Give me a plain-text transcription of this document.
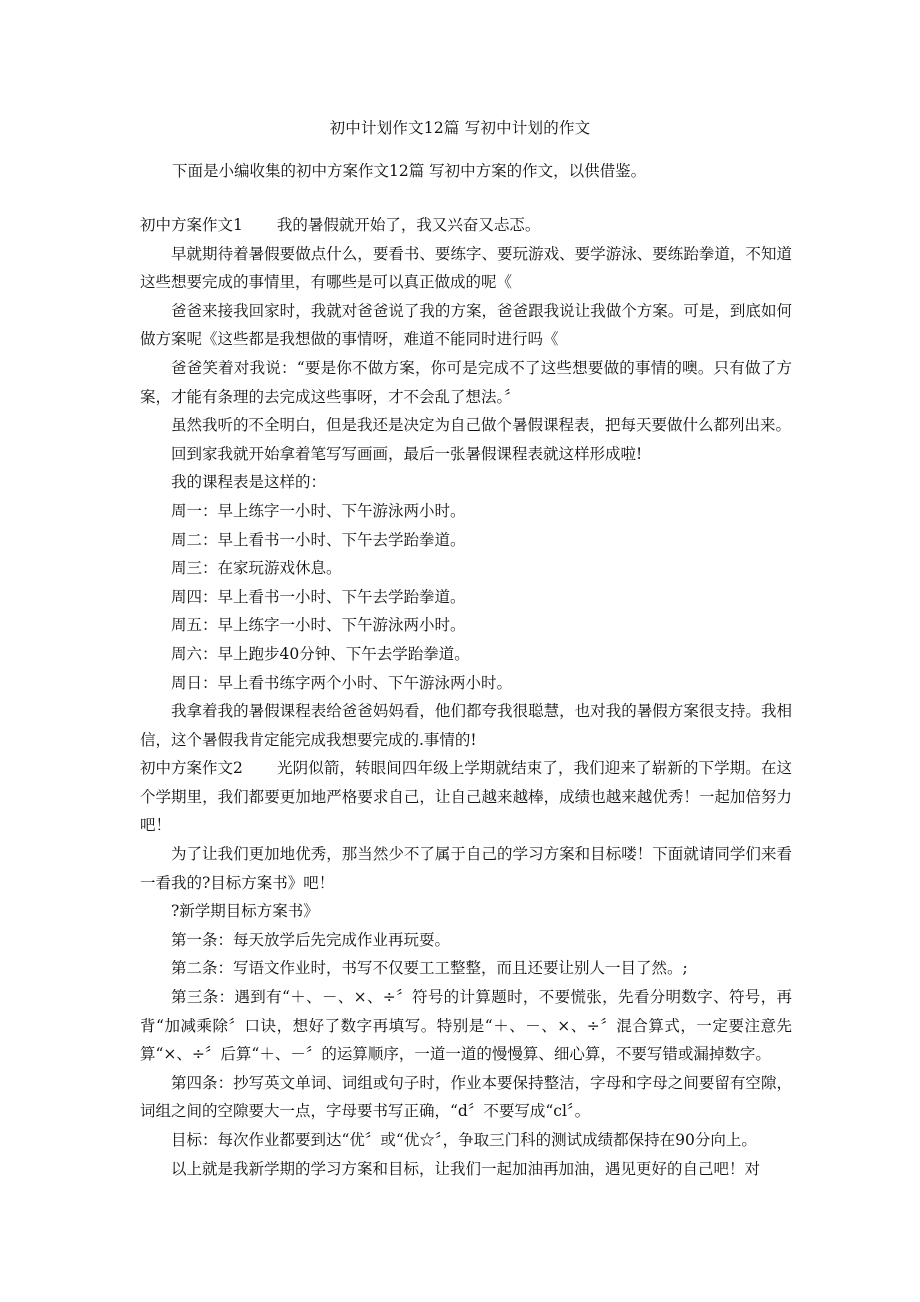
初中计划作文12篇 写初中计划的作文
下面是小编收集的初中方案作文12篇 写初中方案的作文，以供借鉴。

初中方案作文1 我的暑假就开始了，我又兴奋又忐忑。

早就期待着暑假要做点什么，要看书、要练字、要玩游戏、要学游泳、要练跆拳道，不知道这些想要完成的事情里，有哪些是可以真正做成的呢《

爸爸来接我回家时，我就对爸爸说了我的方案，爸爸跟我说让我做个方案。可是，到底如何做方案呢《这些都是我想做的事情呀，难道不能同时进行吗《

爸爸笑着对我说：“要是你不做方案，你可是完成不了这些想要做的事情的噢。只有做了方案，才能有条理的去完成这些事呀，才不会乱了想法。〞

虽然我听的不全明白，但是我还是决定为自己做个暑假课程表，把每天要做什么都列出来。

回到家我就开始拿着笔写写画画，最后一张暑假课程表就这样形成啦!

我的课程表是这样的：

周一：早上练字一小时、下午游泳两小时。

周二：早上看书一小时、下午去学跆拳道。

周三：在家玩游戏休息。

周四：早上看书一小时、下午去学跆拳道。

周五：早上练字一小时、下午游泳两小时。

周六：早上跑步40分钟、下午去学跆拳道。

周日：早上看书练字两个小时、下午游泳两小时。

我拿着我的暑假课程表给爸爸妈妈看，他们都夸我很聪慧，也对我的暑假方案很支持。我相信，这个暑假我肯定能完成我想要完成的.事情的!

初中方案作文2 光阴似箭，转眼间四年级上学期就结束了，我们迎来了崭新的下学期。在这个学期里，我们都要更加地严格要求自己，让自己越来越棒，成绩也越来越优秀！一起加倍努力吧！

为了让我们更加地优秀，那当然少不了属于自己的学习方案和目标喽！下面就请同学们来看一看我的?目标方案书》吧！

?新学期目标方案书》

第一条：每天放学后先完成作业再玩耍。

第二条：写语文作业时，书写不仅要工工整整，而且还要让别人一目了然。;

第三条：遇到有“＋、－、×、÷〞符号的计算题时，不要慌张，先看分明数字、符号，再背“加减乘除〞口诀，想好了数字再填写。特别是“＋、－、×、÷〞混合算式，一定要注意先算“×、÷〞后算“＋、－〞的运算顺序，一道一道的慢慢算、细心算，不要写错或漏掉数字。

第四条：抄写英文单词、词组或句子时，作业本要保持整洁，字母和字母之间要留有空隙，词组之间的空隙要大一点，字母要书写正确，“d〞不要写成“cl〞。

目标：每次作业都要到达“优〞或“优☆〞，争取三门科的测试成绩都保持在90分向上。

以上就是我新学期的学习方案和目标，让我们一起加油再加油，遇见更好的自己吧！对
